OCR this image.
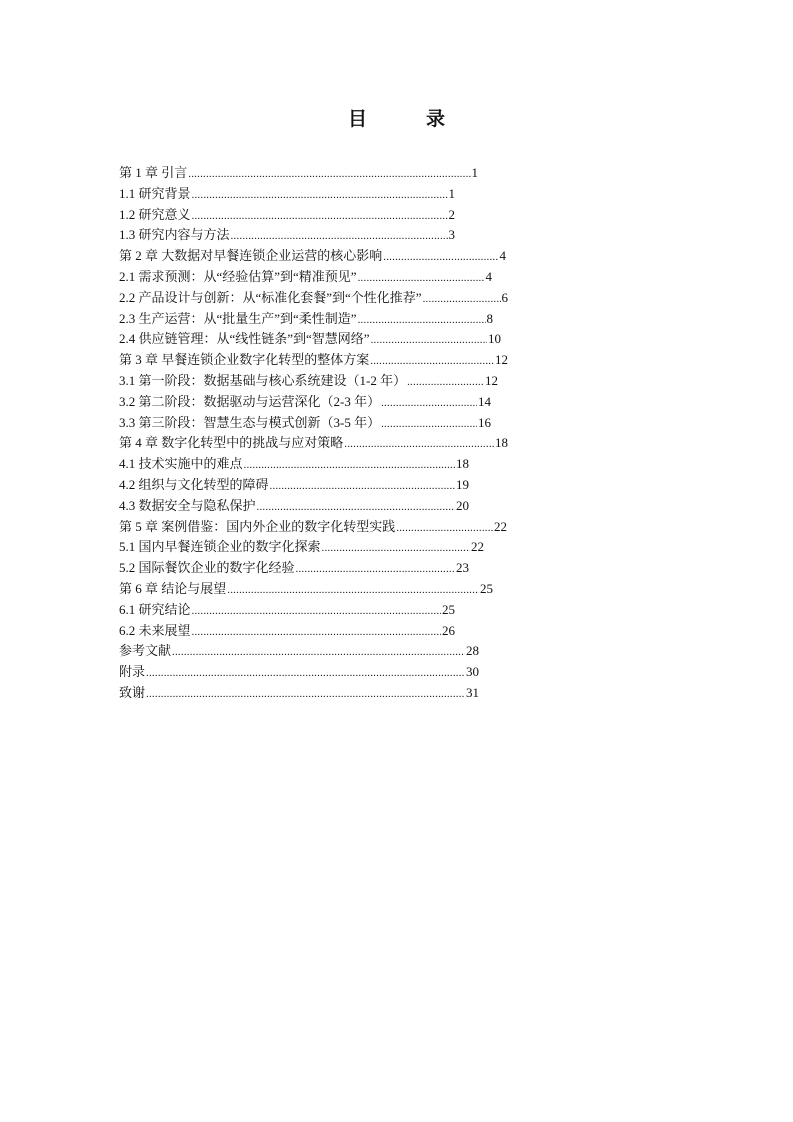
目　录
第 1 章 引言 .....	1
1.1 研究背景 .....	1
1.2 研究意义 .....	2
1.3 研究内容与方法 .....	3
第 2 章 大数据对早餐连锁企业运营的核心影响 .....	4
2.1 需求预测：从“经验估算”到“精准预见” .....	4
2.2 产品设计与创新：从“标准化套餐”到“个性化推荐” .....	6
2.3 生产运营：从“批量生产”到“柔性制造” .....	8
2.4 供应链管理：从“线性链条”到“智慧网络” .....	10
第 3 章 早餐连锁企业数字化转型的整体方案 .....	12
3.1 第一阶段：数据基础与核心系统建设（1-2 年） .....	12
3.2 第二阶段：数据驱动与运营深化（2-3 年） .....	14
3.3 第三阶段：智慧生态与模式创新（3-5 年） .....	16
第 4 章 数字化转型中的挑战与应对策略 .....	18
4.1 技术实施中的难点 .....	18
4.2 组织与文化转型的障碍 .....	19
4.3 数据安全与隐私保护 .....	20
第 5 章 案例借鉴：国内外企业的数字化转型实践 .....	22
5.1 国内早餐连锁企业的数字化探索 .....	22
5.2 国际餐饮企业的数字化经验 .....	23
第 6 章 结论与展望 .....	25
6.1 研究结论 .....	25
6.2 未来展望 .....	26
参考文献 .....	28
附录 .....	30
致谢 .....	31
